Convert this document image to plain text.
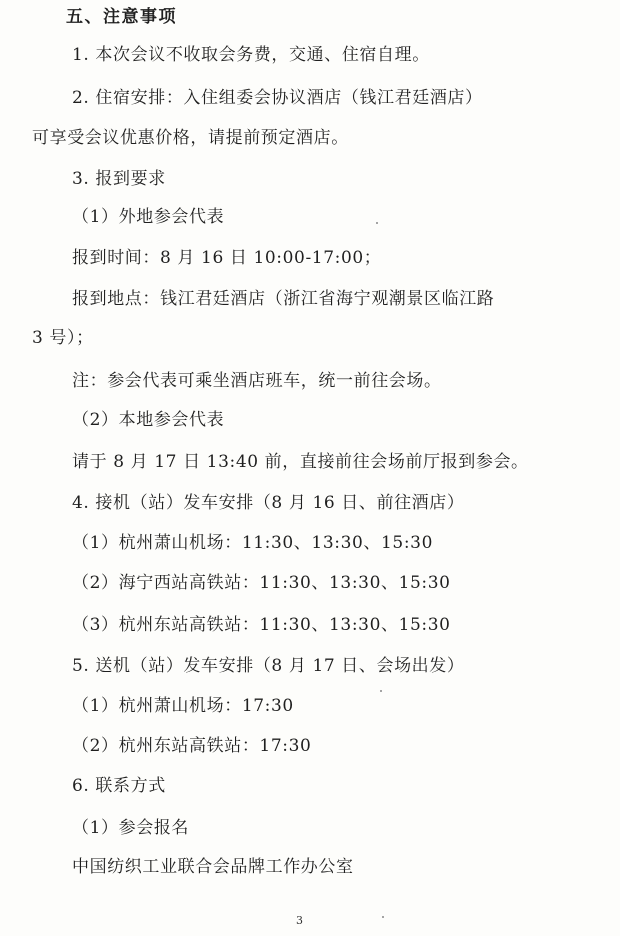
五、注意事项
1. 本次会议不收取会务费，交通、住宿自理。
2. 住宿安排：入住组委会协议酒店（钱江君廷酒店）
可享受会议优惠价格，请提前预定酒店。
3. 报到要求
（1）外地参会代表
报到时间：8 月 16 日 10:00-17:00；
报到地点：钱江君廷酒店（浙江省海宁观潮景区临江路
3 号）；
注：参会代表可乘坐酒店班车，统一前往会场。
（2）本地参会代表
请于 8 月 17 日 13:40 前，直接前往会场前厅报到参会。
4. 接机（站）发车安排（8 月 16 日、前往酒店）
（1）杭州萧山机场：11:30、13:30、15:30
（2）海宁西站高铁站：11:30、13:30、15:30
（3）杭州东站高铁站：11:30、13:30、15:30
5. 送机（站）发车安排（8 月 17 日、会场出发）
（1）杭州萧山机场：17:30
（2）杭州东站高铁站：17:30
6. 联系方式
（1）参会报名
中国纺织工业联合会品牌工作办公室
3
